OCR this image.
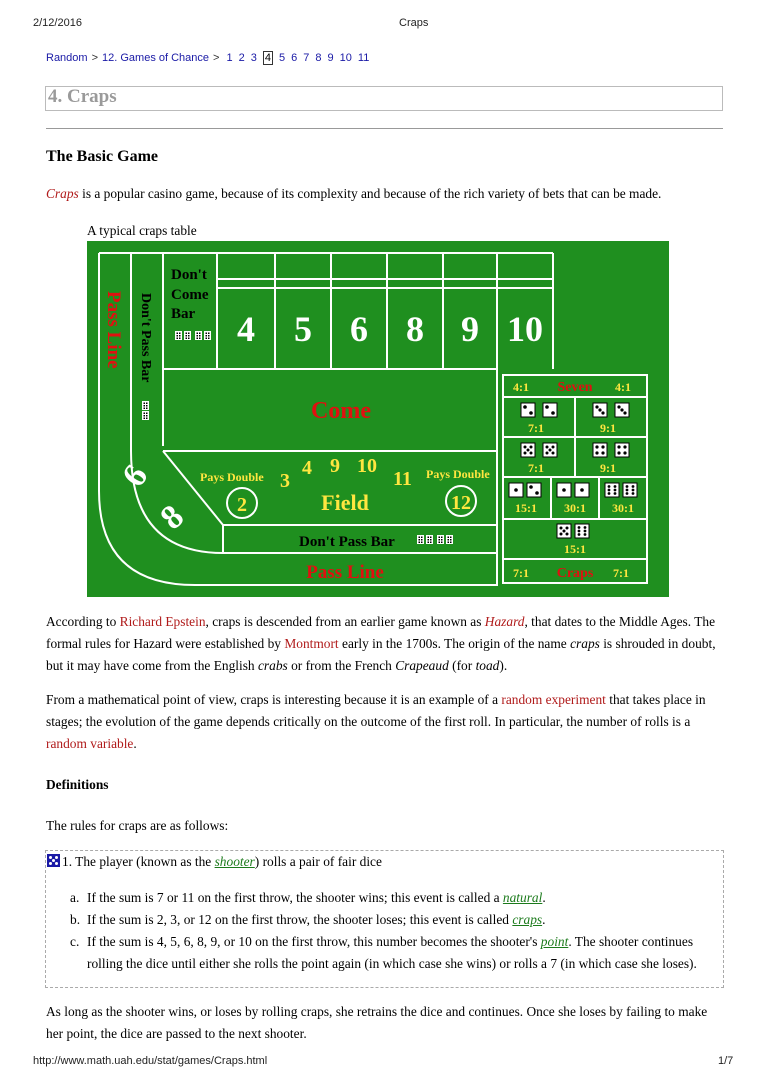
2/12/2016	Craps
Random > 12. Games of Chance > 1 2 3 4 5 6 7 8 9 10 11
4. Craps
The Basic Game
Craps is a popular casino game, because of its complexity and because of the rich variety of bets that can be made.
A typical craps table
Don't
Come
Bar 4 5 6 8 9 10
Pass Line Don't Pass Bar
Come
Pays Double	Pays Double
2	12
3
4 9 10
11
Field
Don't Pass Bar
Pass Line
6
8
4:1 Seven 4:1
7:1	9:1
7:1	9:1
15:1 30:1 30:1
15:1
7:1 Craps 7:1
According to Richard Epstein, craps is descended from an earlier game known as Hazard, that dates to the Middle Ages. The formal rules for Hazard were established by Montmort early in the 1700s. The origin of the name craps is shrouded in doubt, but it may have come from the English crabs or from the French Crapeaud (for toad).
From a mathematical point of view, craps is interesting because it is an example of a random experiment that takes place in stages; the evolution of the game depends critically on the outcome of the first roll. In particular, the number of rolls is a random variable.
Definitions
The rules for craps are as follows:
1. The player (known as the shooter) rolls a pair of fair dice
a. If the sum is 7 or 11 on the first throw, the shooter wins; this event is called a natural.
b. If the sum is 2, 3, or 12 on the first throw, the shooter loses; this event is called craps.
c. If the sum is 4, 5, 6, 8, 9, or 10 on the first throw, this number becomes the shooter's point. The shooter continues rolling the dice until either she rolls the point again (in which case she wins) or rolls a 7 (in which case she loses).
As long as the shooter wins, or loses by rolling craps, she retrains the dice and continues. Once she loses by failing to make her point, the dice are passed to the next shooter.
http://www.math.uah.edu/stat/games/Craps.html	1/7
